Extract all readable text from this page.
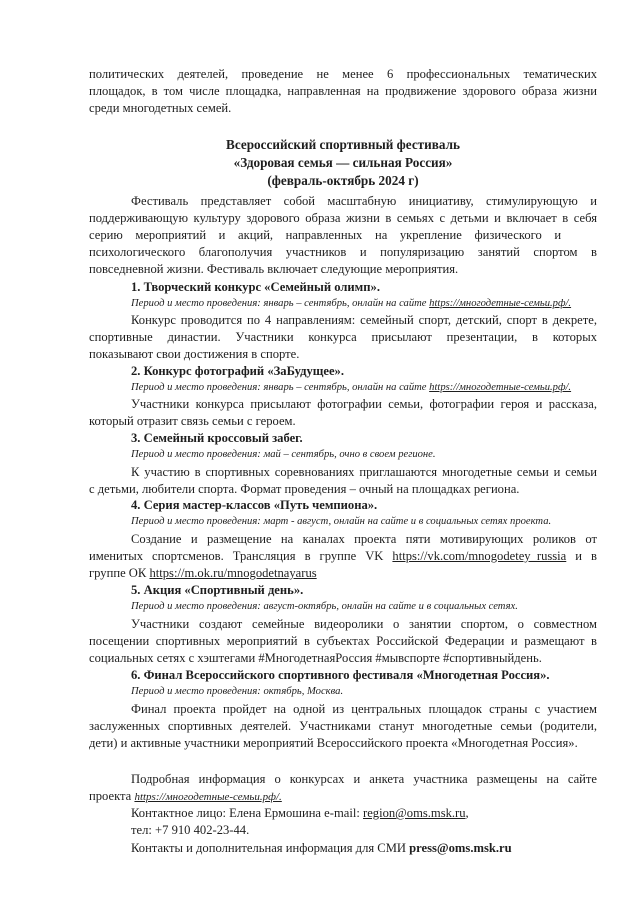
политических деятелей, проведение не менее 6 профессиональных тематических

площадок, в том числе площадка, направленная на продвижение здорового образа жизни

среди многодетных семей.

Всероссийский спортивный фестиваль

«Здоровая семья — сильная Россия»

(февраль-октябрь 2024 г)

Фестиваль представляет собой масштабную инициативу, стимулирующую и

поддерживающую культуру здорового образа жизни в семьях с детьми и включает в себя

серию    мероприятий    и    акций,    направленных    на    укрепление    физического    и

психологического благополучия участников и популяризацию занятий спортом в

повседневной жизни. Фестиваль включает следующие мероприятия.

1. Творческий конкурс «Семейный олимп».

Период и место проведения: январь – сентябрь, онлайн на сайте https://многодетные-семьи.рф/.

Конкурс проводится по 4 направлениям: семейный спорт, детский, спорт в декрете,

спортивные династии. Участники конкурса присылают презентации, в которых

показывают свои достижения в спорте.

2. Конкурс фотографий «ЗаБудущее».

Период и место проведения: январь – сентябрь, онлайн на сайте https://многодетные-семьи.рф/.

Участники конкурса присылают фотографии семьи, фотографии героя и рассказа,

который отразит связь семьи с героем.

3. Семейный кроссовый забег.

Период и место проведения: май – сентябрь, очно в своем регионе.

К участию в спортивных соревнованиях приглашаются многодетные семьи и семьи

с детьми, любители спорта. Формат проведения – очный на площадках региона.

4. Серия мастер-классов «Путь чемпиона».

Период и место проведения: март - август, онлайн на сайте и в социальных сетях проекта.

Создание и размещение на каналах проекта пяти мотивирующих роликов от

именитых спортсменов. Трансляция в группе VK https://vk.com/mnogodetey_russia и в

группе ОК https://m.ok.ru/mnogodetnayarus

5. Акция «Спортивный день».

Период и место проведения: август-октябрь, онлайн на сайте и в социальных сетях.

Участники создают семейные видеоролики о занятии спортом, о совместном

посещении спортивных мероприятий в субъектах Российской Федерации и размещают в

социальных сетях с хэштегами #МногодетнаяРоссия #мывспорте #спортивныйдень.

6. Финал Всероссийского спортивного фестиваля «Многодетная Россия».

Период и место проведения: октябрь, Москва.

Финал проекта пройдет на одной из центральных площадок страны с участием

заслуженных спортивных деятелей. Участниками станут многодетные семьи (родители,

дети) и активные участники мероприятий Всероссийского проекта «Многодетная Россия».

Подробная информация о конкурсах и анкета участника размещены на сайте

проекта https://многодетные-семьи.рф/.

Контактное лицо: Елена Ермошина e-mail: region@oms.msk.ru,

тел: +7 910 402-23-44.

Контакты и дополнительная информация для СМИ press@oms.msk.ru
